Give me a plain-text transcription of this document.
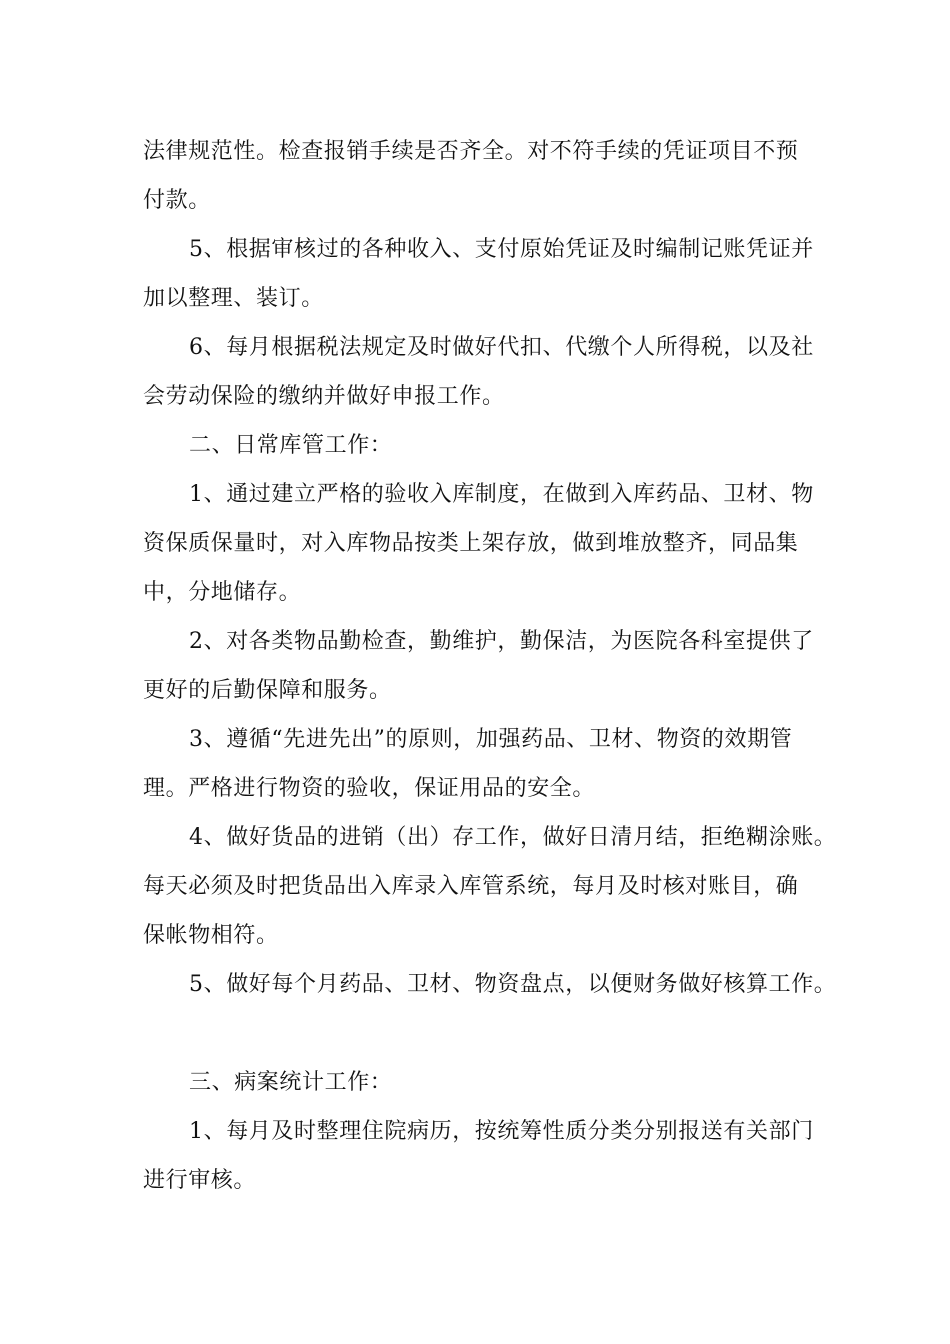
法律规范性。检查报销手续是否齐全。对不符手续的凭证项目不预
付款。
5、根据审核过的各种收入、支付原始凭证及时编制记账凭证并
加以整理、装订。
6、每月根据税法规定及时做好代扣、代缴个人所得税，以及社
会劳动保险的缴纳并做好申报工作。
二、日常库管工作：
1、通过建立严格的验收入库制度，在做到入库药品、卫材、物
资保质保量时，对入库物品按类上架存放，做到堆放整齐，同品集
中，分地储存。
2、对各类物品勤检查，勤维护，勤保洁，为医院各科室提供了
更好的后勤保障和服务。
3、遵循“先进先出”的原则，加强药品、卫材、物资的效期管
理。严格进行物资的验收，保证用品的安全。
4、做好货品的进销（出）存工作，做好日清月结，拒绝糊涂账。
每天必须及时把货品出入库录入库管系统，每月及时核对账目，确
保帐物相符。
5、做好每个月药品、卫材、物资盘点，以便财务做好核算工作。
三、病案统计工作：
1、每月及时整理住院病历，按统筹性质分类分别报送有关部门
进行审核。
